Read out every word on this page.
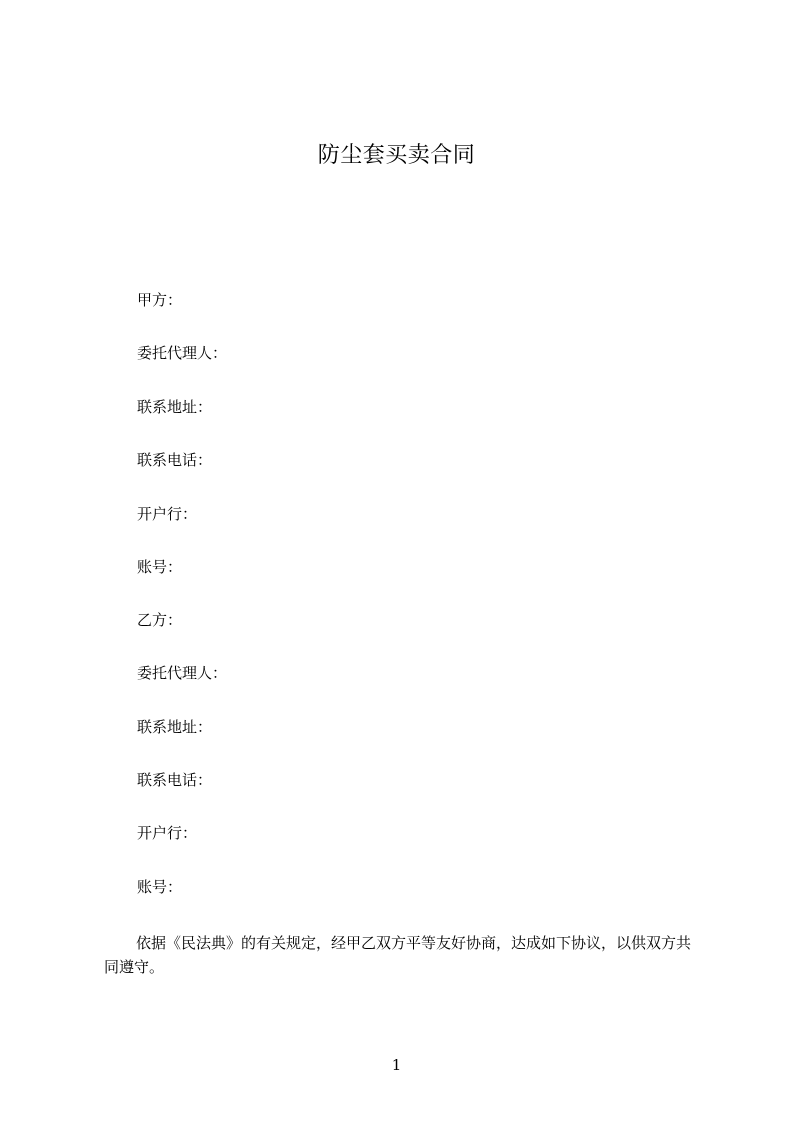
防尘套买卖合同
甲方：
委托代理人：
联系地址：
联系电话：
开户行：
账号：
乙方：
委托代理人：
联系地址：
联系电话：
开户行：
账号：
依据《民法典》的有关规定，经甲乙双方平等友好协商，达成如下协议，以供双方共同遵守。
1
